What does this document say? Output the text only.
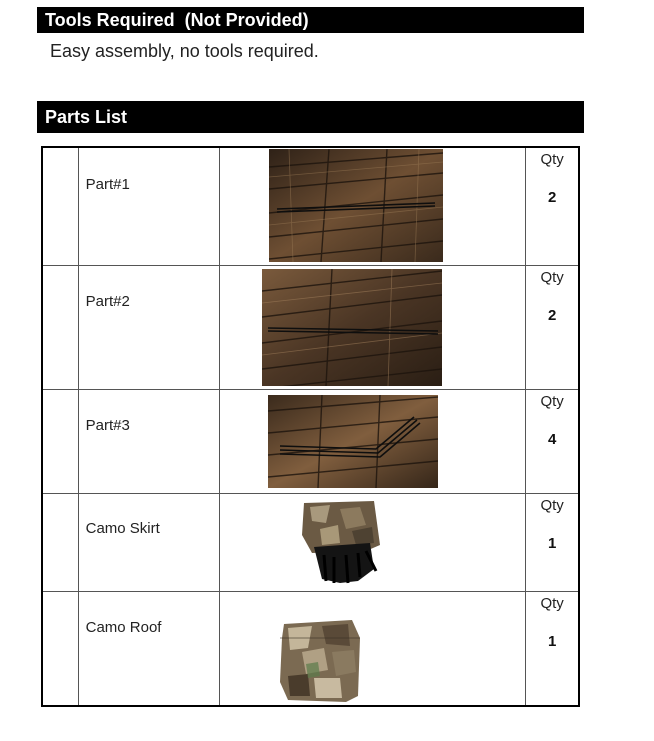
Tools Required  (Not Provided)
Easy assembly, no tools required.
Parts List

	Part#1		Qty
2

	Part#2		Qty
2

	Part#3		Qty
4

	Camo Skirt		Qty
1

	Camo Roof		Qty
1
